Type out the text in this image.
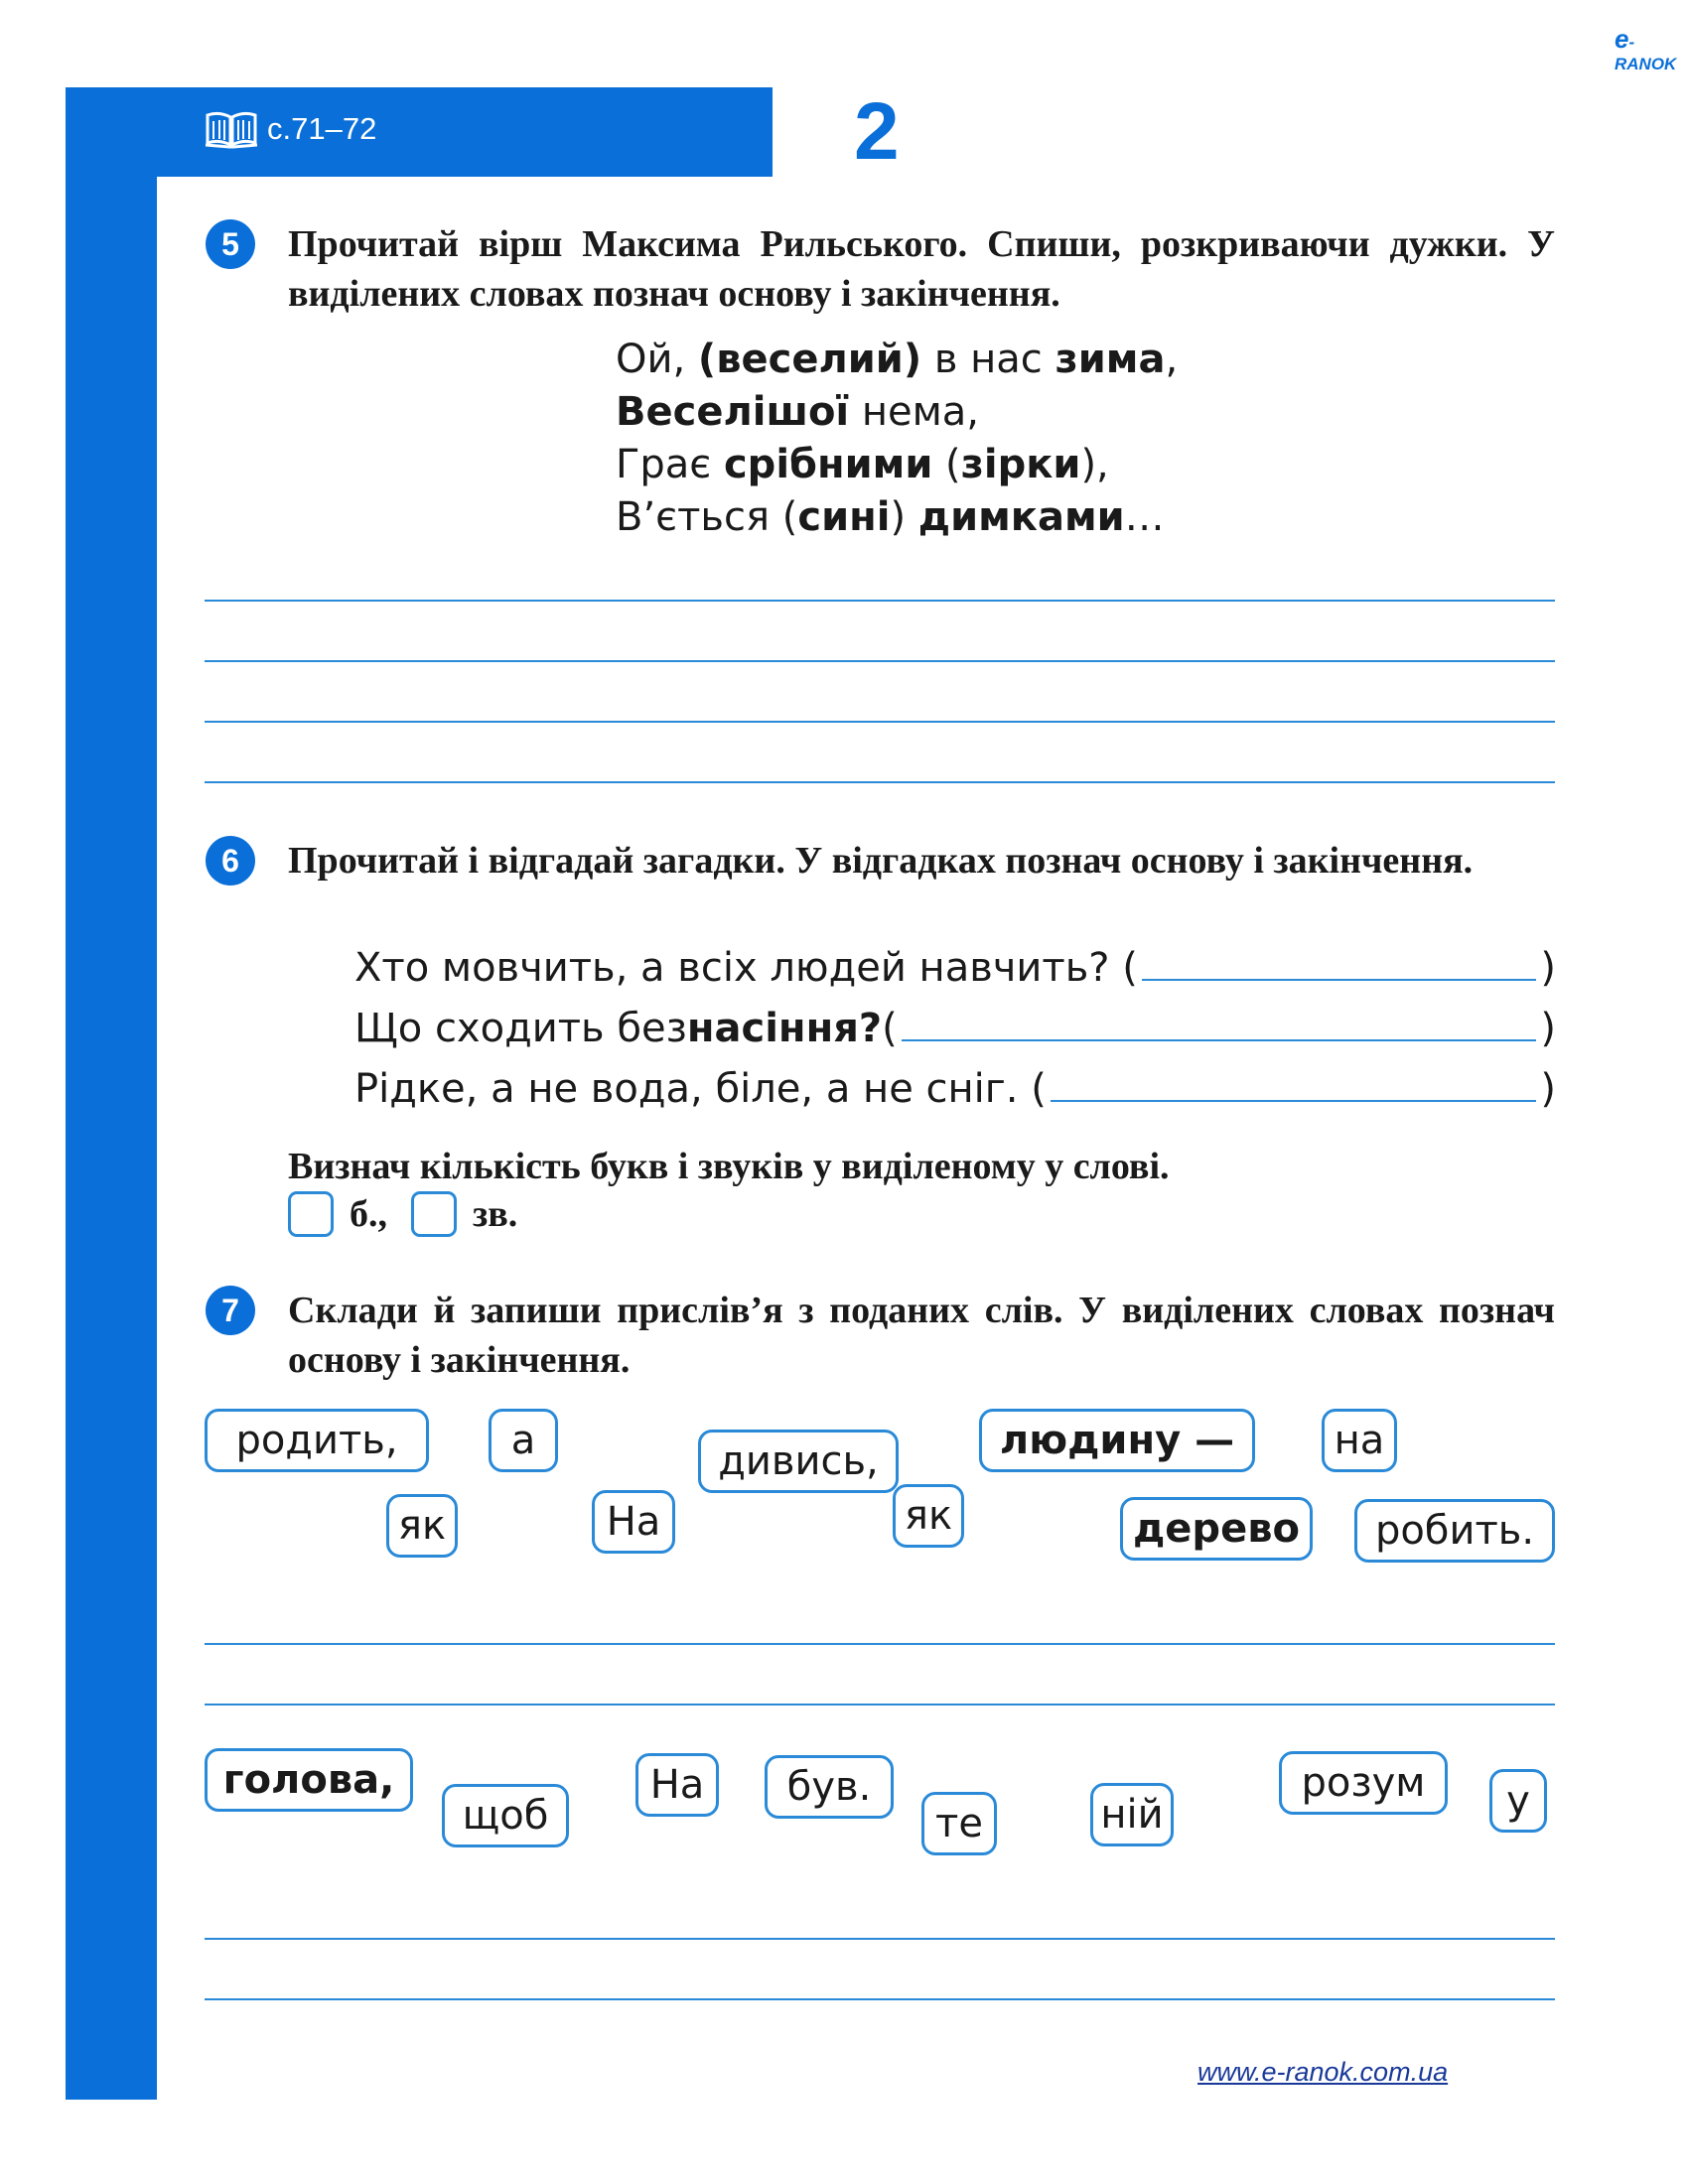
с.71–72	2
e-RANOK
5	Прочитай вірш Максима Рильського. Спиши, розкриваючи дужки. У виділених словах познач основу і закінчення.
Ой, (веселий) в нас зима,
Веселішої нема,
Грає срібними (зірки),
В’ється (сині) димками…
6	Прочитай і відгадай загадки. У відгадках познач основу і закінчення.
Хто мовчить, а всіх людей навчить? (	)
Що сходить без насіння? (	)
Рідке, а не вода, біле, а не сніг. (	)
Визнач кількість букв і звуків у виділеному у слові.
б., зв.
7	Склади й запиши прислів’я з поданих слів. У виділених словах познач основу і закінчення.
родить,	а	дивись,	людину —	на
як	На	як	дерево	робить.
голова,
щоб
На	був.
те	ній
розум	у
www.e-ranok.com.ua
